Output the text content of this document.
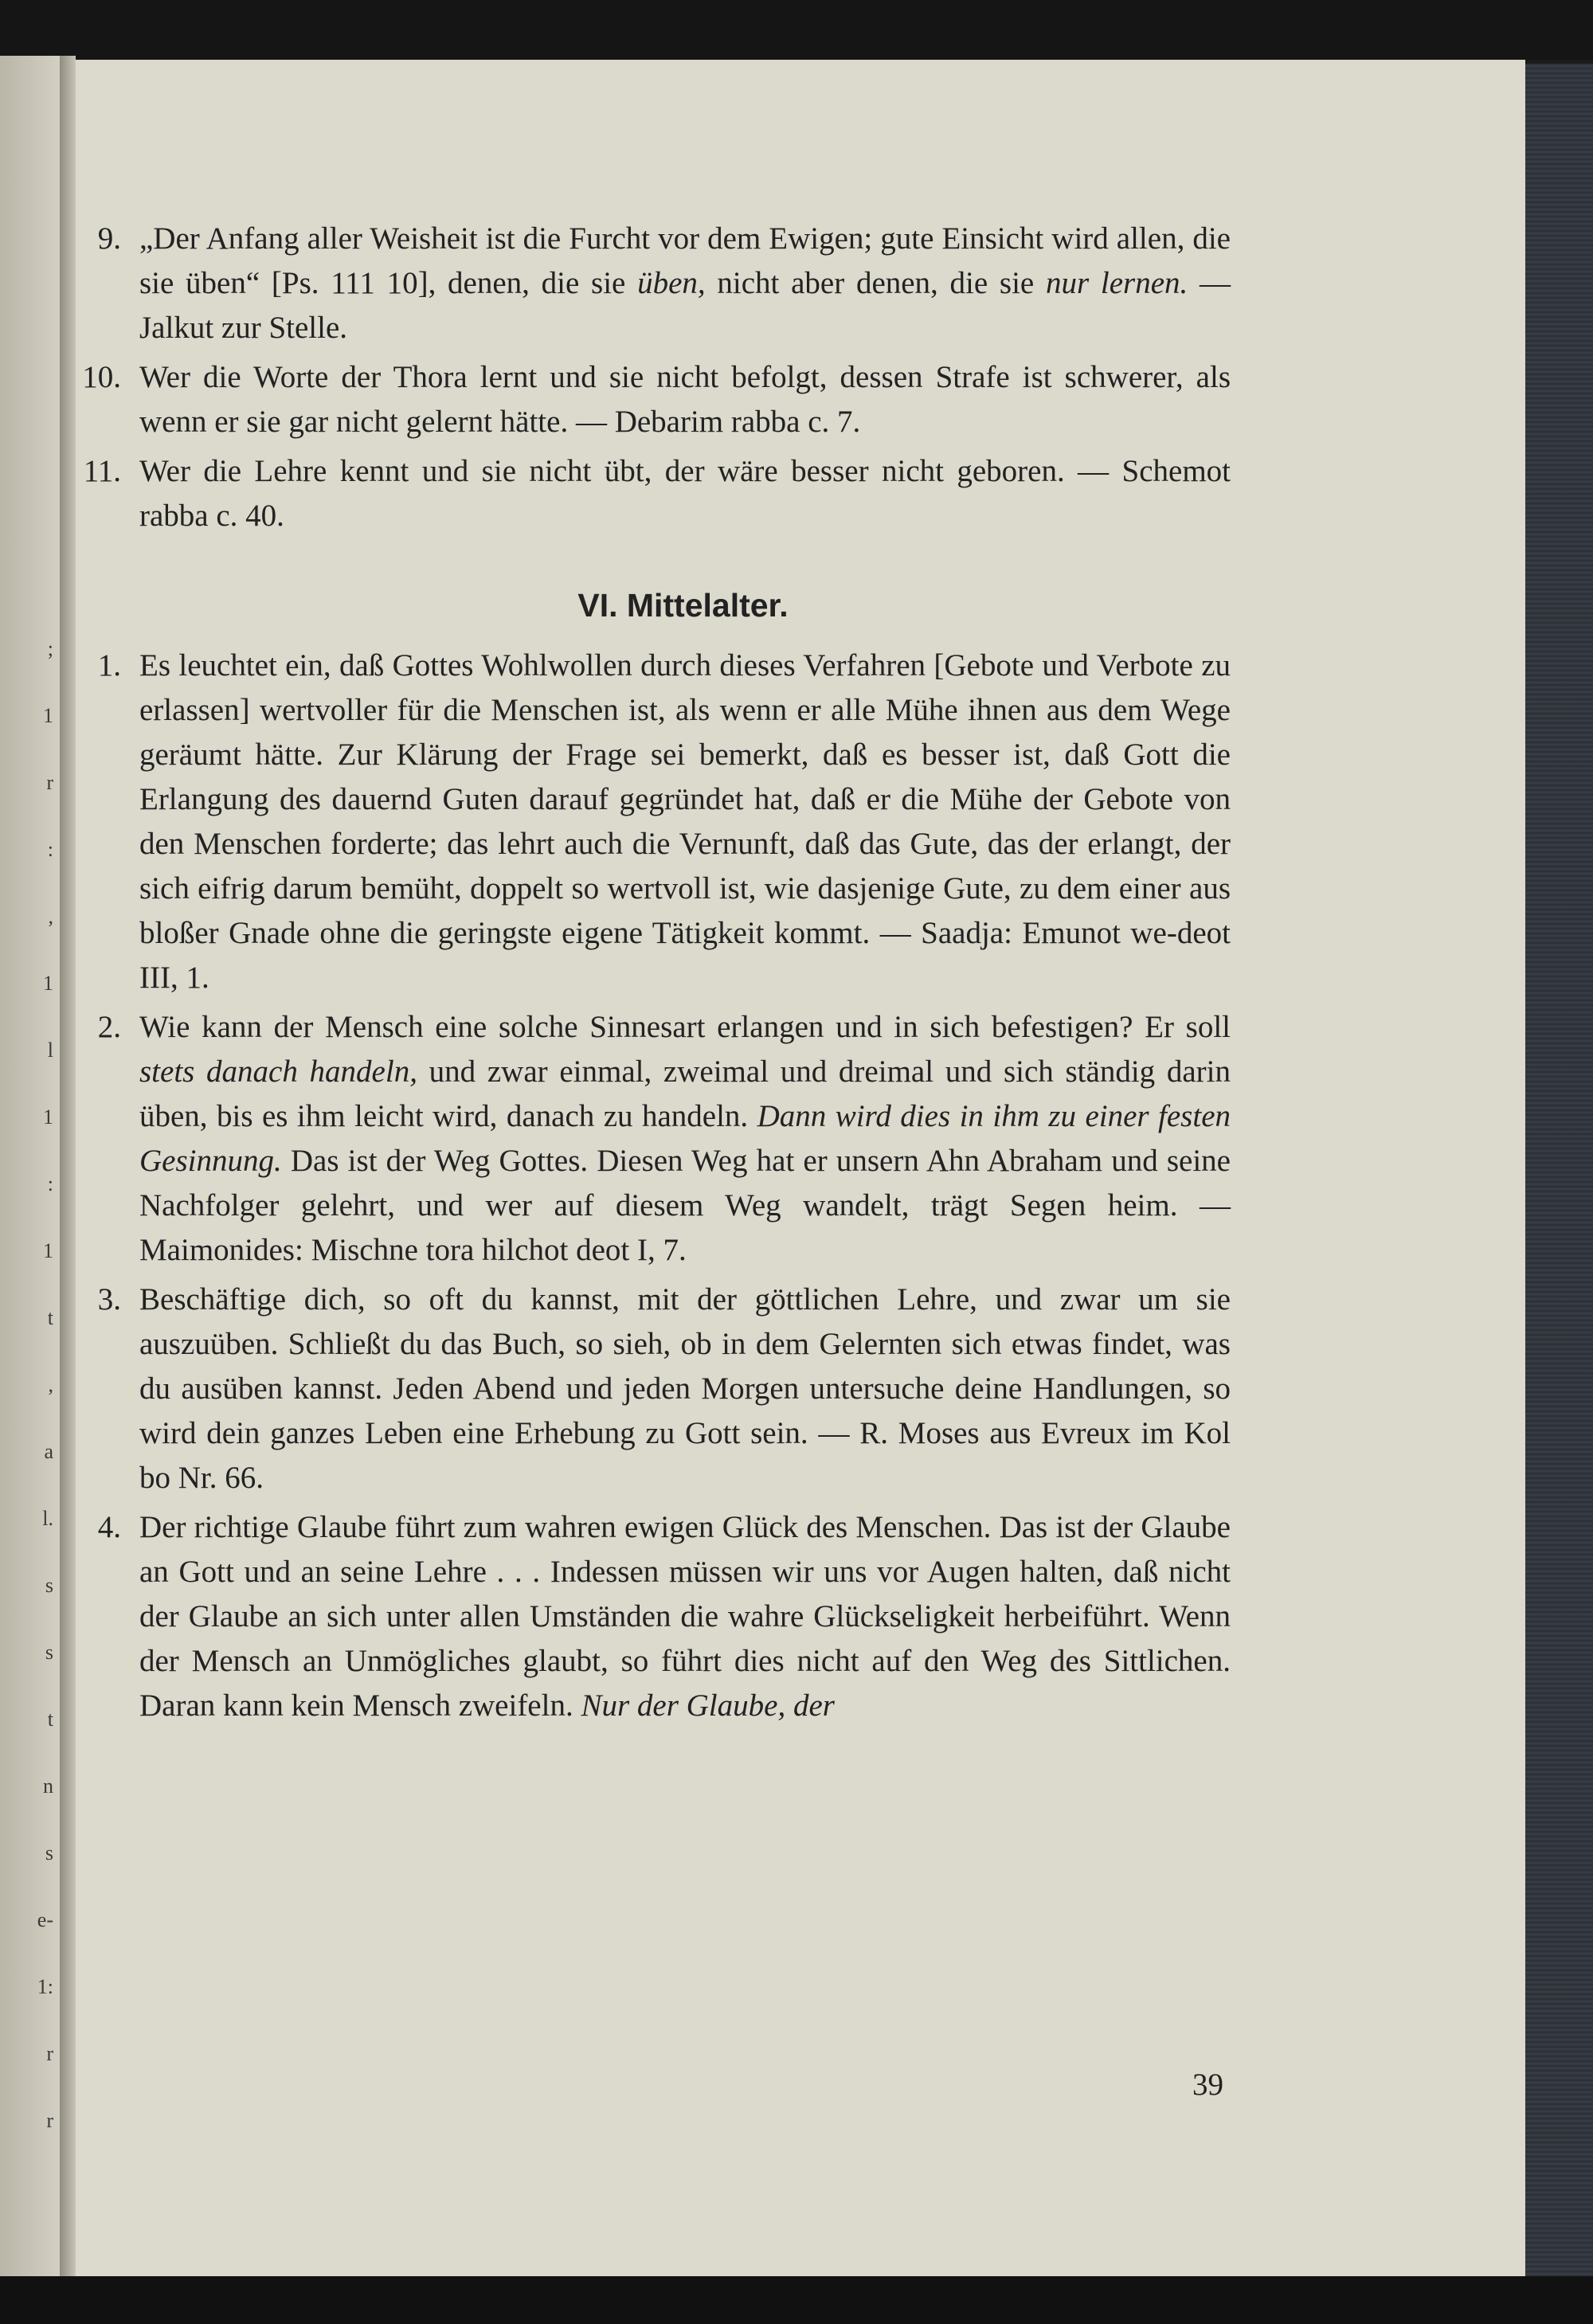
;
1
r
:
,
1
l
1
:
1
t
,
a
l.
s
s
t
n
s
e-
1:
r
r
9. „Der Anfang aller Weisheit ist die Furcht vor dem Ewigen; gute Einsicht wird allen, die sie üben“ [Ps. 111 10], denen, die sie üben, nicht aber denen, die sie nur lernen. — Jalkut zur Stelle.
10. Wer die Worte der Thora lernt und sie nicht befolgt, dessen Strafe ist schwerer, als wenn er sie gar nicht gelernt hätte. — Debarim rabba c. 7.
11. Wer die Lehre kennt und sie nicht übt, der wäre besser nicht geboren. — Schemot rabba c. 40.
VI. Mittelalter.
1. Es leuchtet ein, daß Gottes Wohlwollen durch dieses Verfahren [Gebote und Verbote zu erlassen] wertvoller für die Menschen ist, als wenn er alle Mühe ihnen aus dem Wege geräumt hätte. Zur Klärung der Frage sei bemerkt, daß es besser ist, daß Gott die Erlangung des dauernd Guten darauf gegründet hat, daß er die Mühe der Gebote von den Menschen forderte; das lehrt auch die Vernunft, daß das Gute, das der erlangt, der sich eifrig darum bemüht, doppelt so wertvoll ist, wie dasjenige Gute, zu dem einer aus bloßer Gnade ohne die geringste eigene Tätigkeit kommt. — Saadja: Emunot we-deot III, 1.
2. Wie kann der Mensch eine solche Sinnesart erlangen und in sich befestigen? Er soll stets danach handeln, und zwar einmal, zweimal und dreimal und sich ständig darin üben, bis es ihm leicht wird, danach zu handeln. Dann wird dies in ihm zu einer festen Gesinnung. Das ist der Weg Gottes. Diesen Weg hat er unsern Ahn Abraham und seine Nachfolger gelehrt, und wer auf diesem Weg wandelt, trägt Segen heim. — Maimonides: Mischne tora hilchot deot I, 7.
3. Beschäftige dich, so oft du kannst, mit der göttlichen Lehre, und zwar um sie auszuüben. Schließt du das Buch, so sieh, ob in dem Gelernten sich etwas findet, was du ausüben kannst. Jeden Abend und jeden Morgen untersuche deine Handlungen, so wird dein ganzes Leben eine Erhebung zu Gott sein. — R. Moses aus Evreux im Kol bo Nr. 66.
4. Der richtige Glaube führt zum wahren ewigen Glück des Menschen. Das ist der Glaube an Gott und an seine Lehre . . . Indessen müssen wir uns vor Augen halten, daß nicht der Glaube an sich unter allen Umständen die wahre Glückseligkeit herbeiführt. Wenn der Mensch an Unmögliches glaubt, so führt dies nicht auf den Weg des Sittlichen. Daran kann kein Mensch zweifeln. Nur der Glaube, der
39
